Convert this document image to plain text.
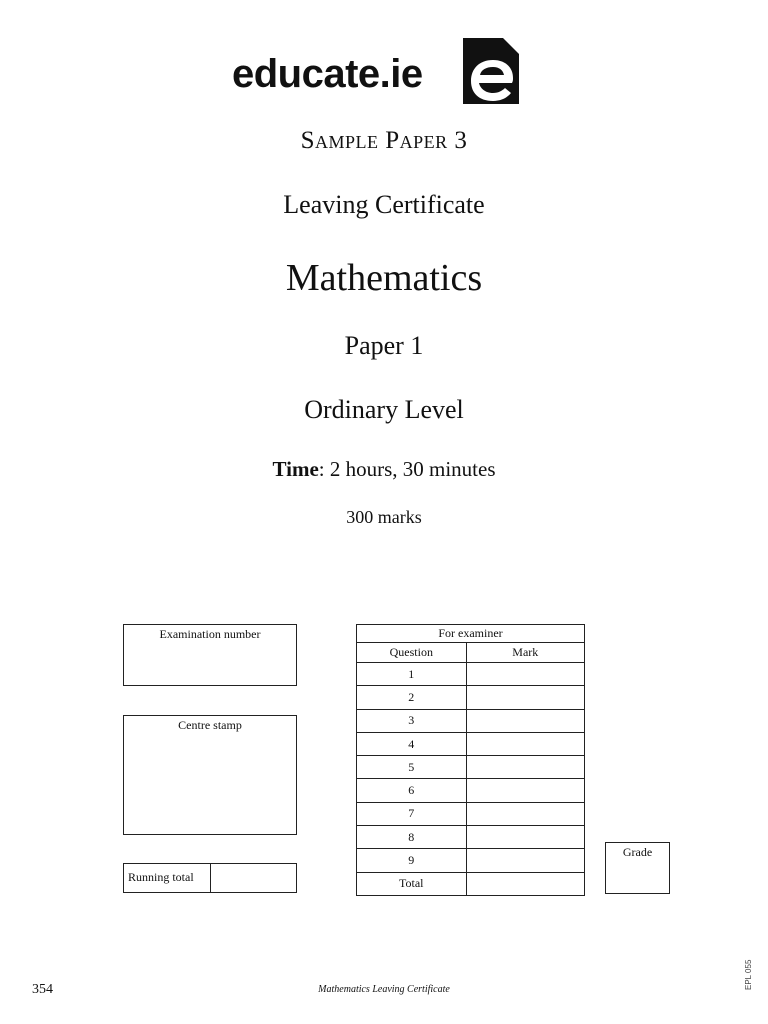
educate.ie
Sample Paper 3
Leaving Certificate
Mathematics
Paper 1
Ordinary Level
Time: 2 hours, 30 minutes
300 marks
Examination number
Centre stamp
Running total
For examiner	
Question	Mark
1	
2	
3	
4	
5	
6	
7	
8	
9	
Total	
Grade
354	Mathematics Leaving Certificate	EPL 055
